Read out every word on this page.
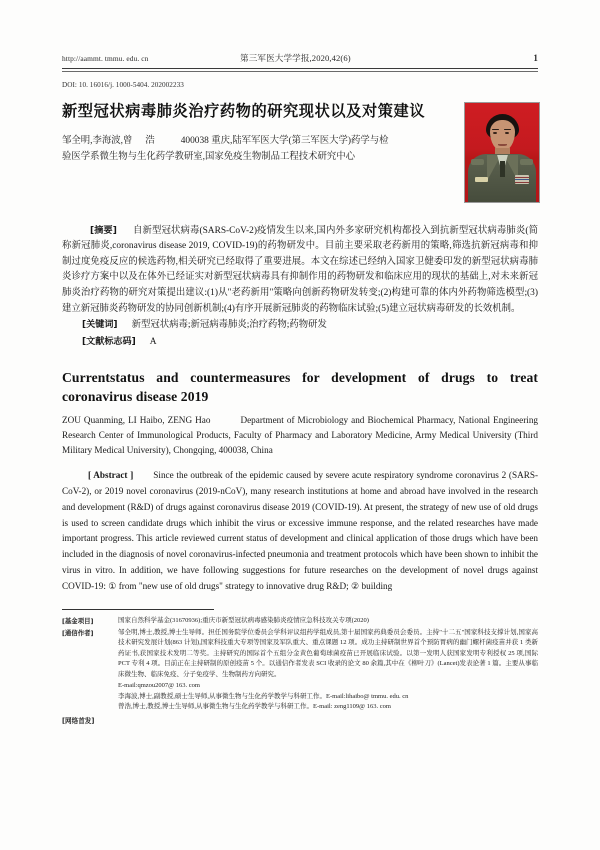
http://aammt. tmmu. edu. cn	第三军医大学学报,2020,42(6)	1
DOI: 10. 16016/j. 1000-5404. 202002233
新型冠状病毒肺炎治疗药物的研究现状以及对策建议
邹全明,李海波,曾 浩	400038 重庆,陆军军医大学(第三军医大学)药学与检
验医学系微生物与生化药学教研室,国家免疫生物制品工程技术研究中心
[摘要] 自新型冠状病毒(SARS-CoV-2)疫情发生以来,国内外多家研究机构都投入到抗新型冠状病毒肺炎(简称新冠肺炎,coronavirus disease 2019, COVID-19)的药物研发中。目前主要采取老药新用的策略,筛选抗新冠病毒和抑制过度免疫反应的候选药物,相关研究已经取得了重要进展。本文在综述已经纳入国家卫健委印发的新型冠状病毒肺炎诊疗方案中以及在体外已经证实对新型冠状病毒具有抑制作用的药物研发和临床应用的现状的基础上,对未来新冠肺炎治疗药物的研究对策提出建议:(1)从"老药新用"策略向创新药物研发转变;(2)构建可靠的体内外药物筛选模型;(3)建立新冠肺炎药物研发的协同创新机制;(4)有序开展新冠肺炎的药物临床试验;(5)建立冠状病毒研发的长效机制。
[关键词] 新型冠状病毒;新冠病毒肺炎;治疗药物;药物研发
[文献标志码] A
Currentstatus and countermeasures for development of drugs to treat coronavirus disease 2019
ZOU Quanming, LI Haibo, ZENG Hao	Department of Microbiology and Biochemical Pharmacy, National Engineering Research Center of Immunological Products, Faculty of Pharmacy and Laboratory Medicine, Army Medical University (Third Military Medical University), Chongqing, 400038, China
[ Abstract ] Since the outbreak of the epidemic caused by severe acute respiratory syndrome coronavirus 2 (SARS-CoV-2), or 2019 novel coronavirus (2019-nCoV), many research institutions at home and abroad have involved in the research and development (R&D) of drugs against coronavirus disease 2019 (COVID-19). At present, the strategy of new use of old drugs is used to screen candidate drugs which inhibit the virus or excessive immune response, and the related researches have made important progress. This article reviewed current status of development and clinical application of those drugs which have been included in the diagnosis of novel coronavirus-infected pneumonia and treatment protocols which have been shown to inhibit the virus in vitro. In addition, we have following suggestions for future researches on the development of novel drugs against COVID-19: ① from "new use of old drugs" strategy to innovative drug R&D; ② building
[基金项目]	国家自然科学基金(31670936);重庆市新型冠状病毒感染肺炎疫情应急科技攻关专项(2020)
[通信作者]	邹全明,博士,教授,博士生导师。担任国务院学位委员会学科评议组药学组成员,第十届国家药典委员会委员。主持"十二五"国家科技支撑计划,国家高技术研究发展计划(863 计划),国家科技重大专项等国家及军队重大、重点课题 12 项。成功主持研制世界首个预防胃病的幽门螺杆菌疫苗并获 1 类新药证书,获国家技术发明二等奖。主持研究的国际首个五组分金黄色葡萄球菌疫苗已开展临床试验。以第一发明人获国家发明专利授权 25 项,国际 PCT 专利 4 项。目前正在主持研制的原创疫苗 5 个。以通信作者发表 SCI 收录的论文 80 余篇,其中在《柳叶刀》(Lancet)发表论著 1 篇。主要从事临床微生物、临床免疫、分子免疫学、生物制药方向研究。
E-mail:qmzou2007@ 163. com
李海波,博士,副教授,硕士生导师,从事微生物与生化药学教学与科研工作。E-mail:lihaibo@ tmmu. edu. cn
曾浩,博士,教授,博士生导师,从事微生物与生化药学教学与科研工作。E-mail: zeng1109@ 163. com
[网络首发]
